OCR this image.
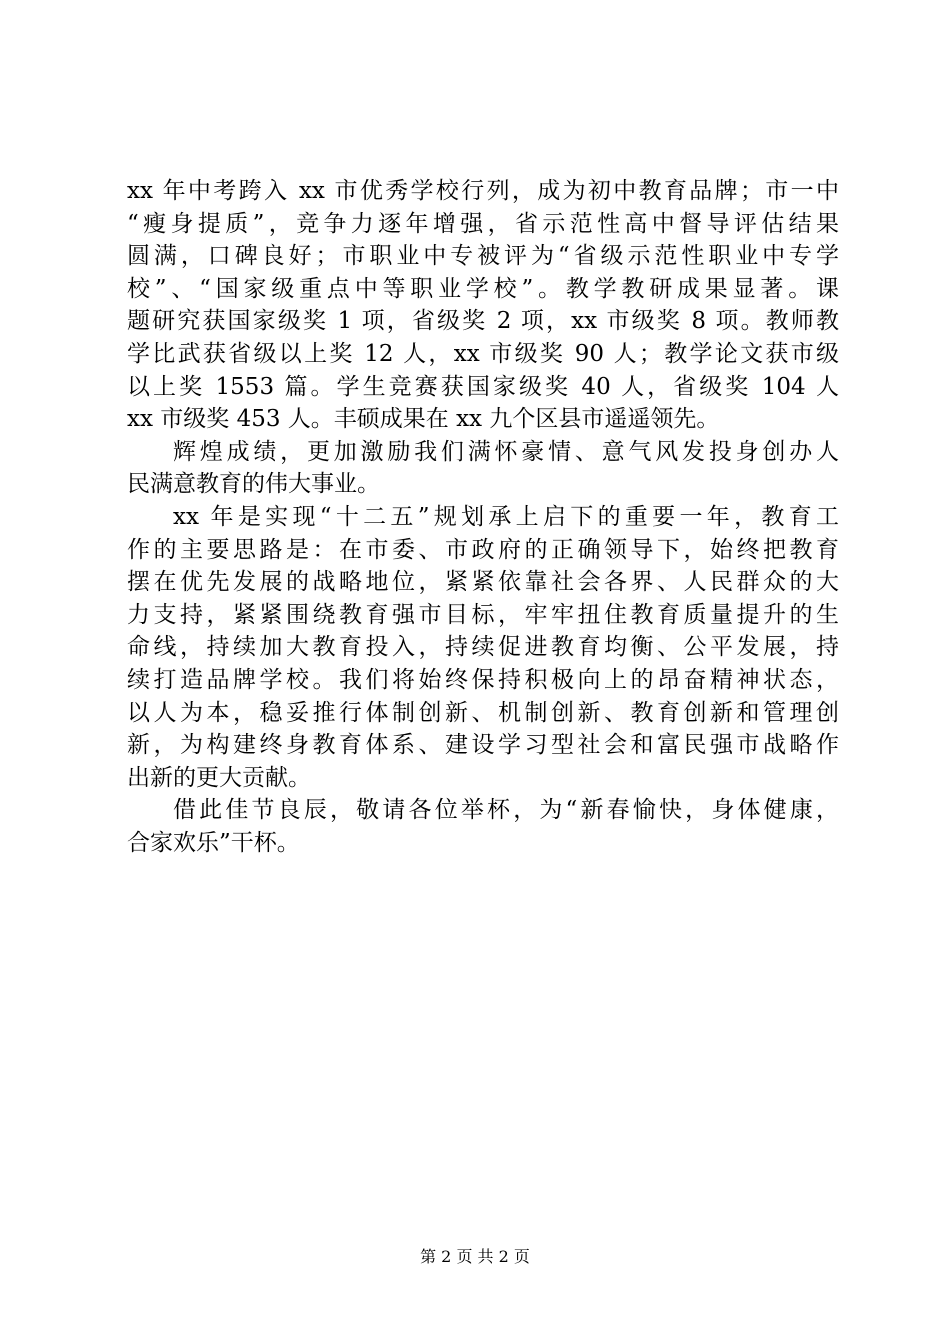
xx 年中考跨入 xx 市优秀学校行列，成为初中教育品牌；市一中
“瘦身提质”，竞争力逐年增强，省示范性高中督导评估结果
圆满，口碑良好；市职业中专被评为“省级示范性职业中专学
校”、“国家级重点中等职业学校”。教学教研成果显著。课
题研究获国家级奖 1 项，省级奖 2 项，xx 市级奖 8 项。教师教
学比武获省级以上奖 12 人，xx 市级奖 90 人；教学论文获市级
以上奖 1553 篇。学生竞赛获国家级奖 40 人，省级奖 104 人
xx 市级奖 453 人。丰硕成果在 xx 九个区县市遥遥领先。

辉煌成绩，更加激励我们满怀豪情、意气风发投身创办人
民满意教育的伟大事业。

xx 年是实现“十二五”规划承上启下的重要一年，教育工
作的主要思路是：在市委、市政府的正确领导下，始终把教育
摆在优先发展的战略地位，紧紧依靠社会各界、人民群众的大
力支持，紧紧围绕教育强市目标，牢牢扭住教育质量提升的生
命线，持续加大教育投入，持续促进教育均衡、公平发展，持
续打造品牌学校。我们将始终保持积极向上的昂奋精神状态，
以人为本，稳妥推行体制创新、机制创新、教育创新和管理创
新，为构建终身教育体系、建设学习型社会和富民强市战略作
出新的更大贡献。

借此佳节良辰，敬请各位举杯，为“新春愉快，身体健康，
合家欢乐”干杯。

第 2 页 共 2 页
